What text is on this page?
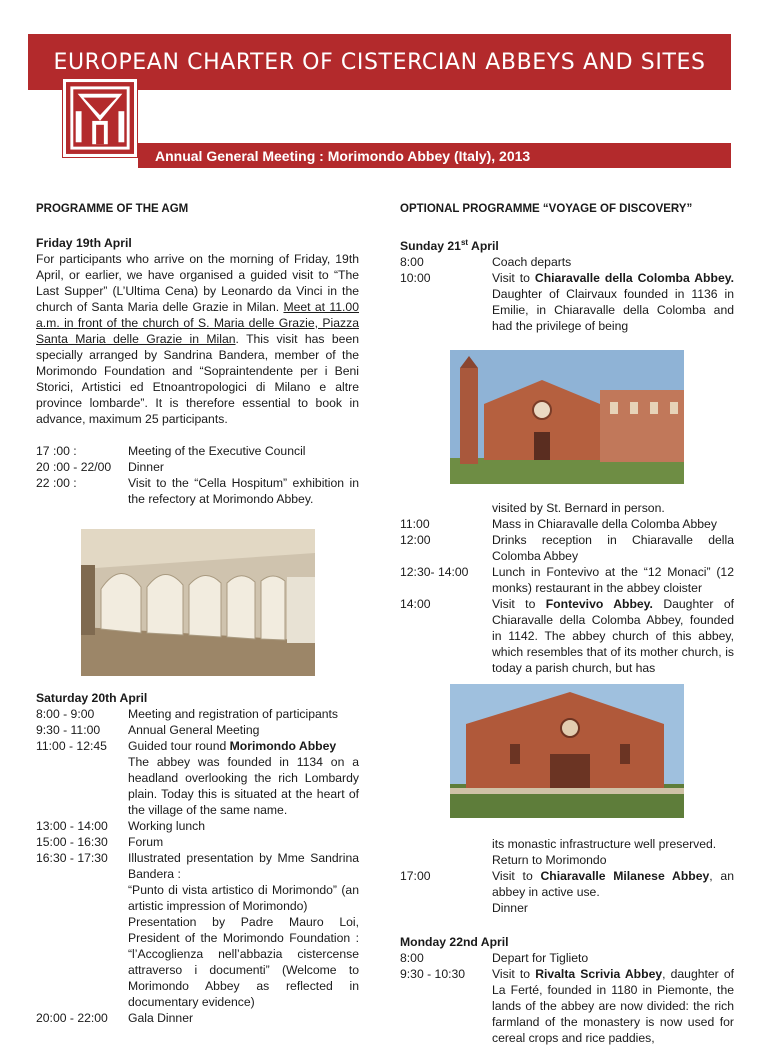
EUROPEAN CHARTER OF CISTERCIAN ABBEYS AND SITES
Annual General Meeting : Morimondo Abbey (Italy), 2013
PROGRAMME OF THE AGM
Friday 19th April

For participants who arrive on the morning of Friday, 19th April, or earlier, we have organised a guided visit to “The Last Supper” (L’Ultima Cena) by Leonardo da Vinci in the church of Santa Maria delle Grazie in Milan. Meet at 11.00 a.m. in front of the church of S. Maria delle Grazie, Piazza Santa Maria delle Grazie in Milan. This visit has been specially arranged by Sandrina Bandera, member of the Morimondo Foundation and “Sopraintendente per i Beni Storici, Artistici ed Etnoantropologici di Milano e altre province lombarde”. It is therefore essential to book in advance, maximum 25 participants.

17 :00 :	Meeting of the Executive Council
20 :00 - 22/00	Dinner
22 :00 :	Visit to the “Cella Hospitum” exhibition in the refectory at Morimondo Abbey.
Saturday 20th April
8:00 - 9:00	Meeting and registration of participants
9:30 - 11:00	Annual General Meeting
11:00 - 12:45	Guided tour round Morimondo Abbey
The abbey was founded in 1134 on a headland overlooking the rich Lombardy plain. Today this is situated at the heart of the village of the same name.
13:00 - 14:00	Working lunch
15:00 - 16:30	Forum
16:30 - 17:30	Illustrated presentation by Mme Sandrina Bandera :
“Punto di vista artistico di Morimondo” (an artistic impression of Morimondo)
Presentation by Padre Mauro Loi, President of the Morimondo Foundation : “l’Accoglienza nell’abbazia cistercense attraverso i documenti” (Welcome to Morimondo Abbey as reflected in documentary evidence)
20:00 - 22:00	Gala Dinner
OPTIONAL PROGRAMME “VOYAGE OF DISCOVERY”
Sunday 21st April
8:00	Coach departs
10:00	Visit to Chiaravalle della Colomba Abbey. Daughter of Clairvaux founded in 1136 in Emilie, in Chiaravalle della Colomba and had the privilege of being
	visited by St. Bernard in person.
11:00	Mass in Chiaravalle della Colomba Abbey
12:00	Drinks reception in Chiaravalle della Colomba Abbey
12:30- 14:00	Lunch in Fontevivo at the “12 Monaci” (12 monks) restaurant in the abbey cloister
14:00	Visit to Fontevivo Abbey. Daughter of Chiaravalle della Colomba Abbey, founded in 1142. The abbey church of this abbey, which resembles that of its mother church, is today a parish church, but has
	its monastic infrastructure well preserved.
	Return to Morimondo
17:00	Visit to Chiaravalle Milanese Abbey, an abbey in active use.
	Dinner
Monday 22nd April
8:00	Depart for Tiglieto
9:30 - 10:30	Visit to Rivalta Scrivia Abbey, daughter of La Ferté, founded in 1180 in Piemonte, the lands of the abbey are now divided: the rich farmland of the monastery is now used for cereal crops and rice paddies,
